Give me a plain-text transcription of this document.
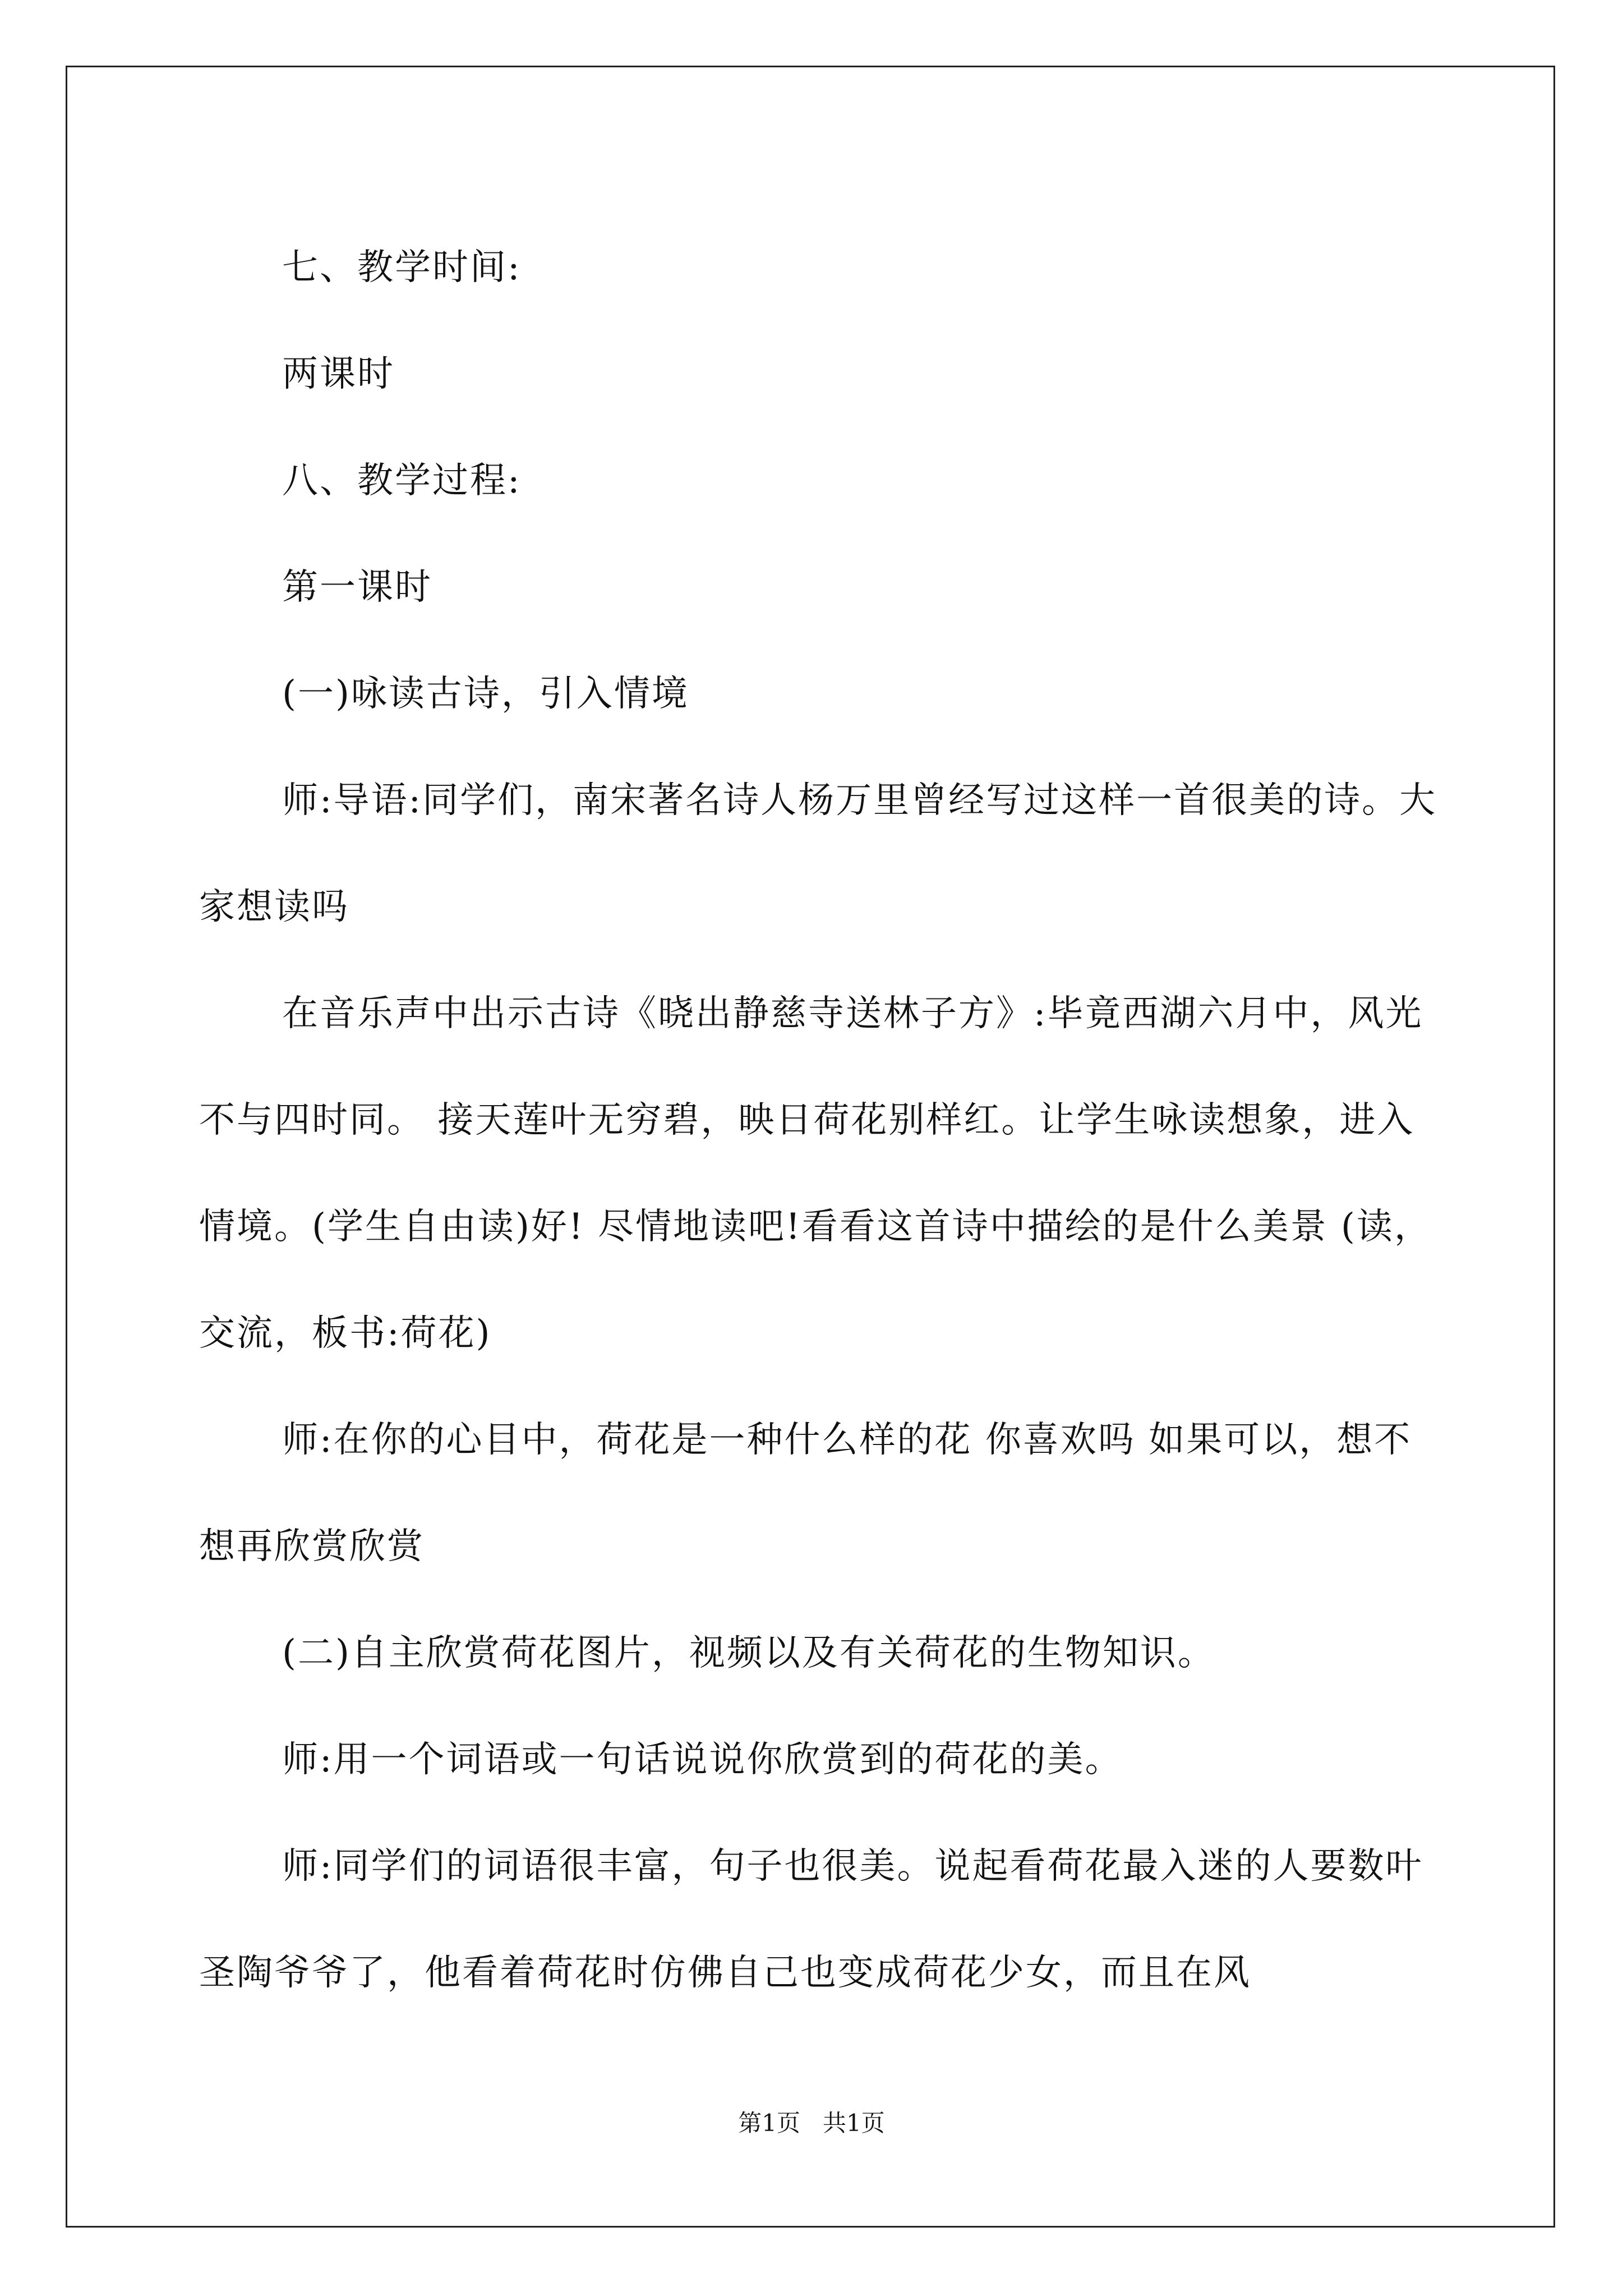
七、教学时间:

两课时

八、教学过程:

第一课时

(一)咏读古诗，引入情境

师:导语:同学们，南宋著名诗人杨万里曾经写过这样一首很美的诗。大家想读吗

在音乐声中出示古诗《晓出静慈寺送林子方》:毕竟西湖六月中，风光不与四时同。 接天莲叶无穷碧，映日荷花别样红。让学生咏读想象，进入情境。(学生自由读)好! 尽情地读吧!看看这首诗中描绘的是什么美景 (读，交流，板书:荷花)

师:在你的心目中，荷花是一种什么样的花 你喜欢吗 如果可以，想不想再欣赏欣赏

(二)自主欣赏荷花图片，视频以及有关荷花的生物知识。

师:用一个词语或一句话说说你欣赏到的荷花的美。

师:同学们的词语很丰富，句子也很美。说起看荷花最入迷的人要数叶圣陶爷爷了，他看着荷花时仿佛自己也变成荷花少女，而且在风

第1页 共1页
